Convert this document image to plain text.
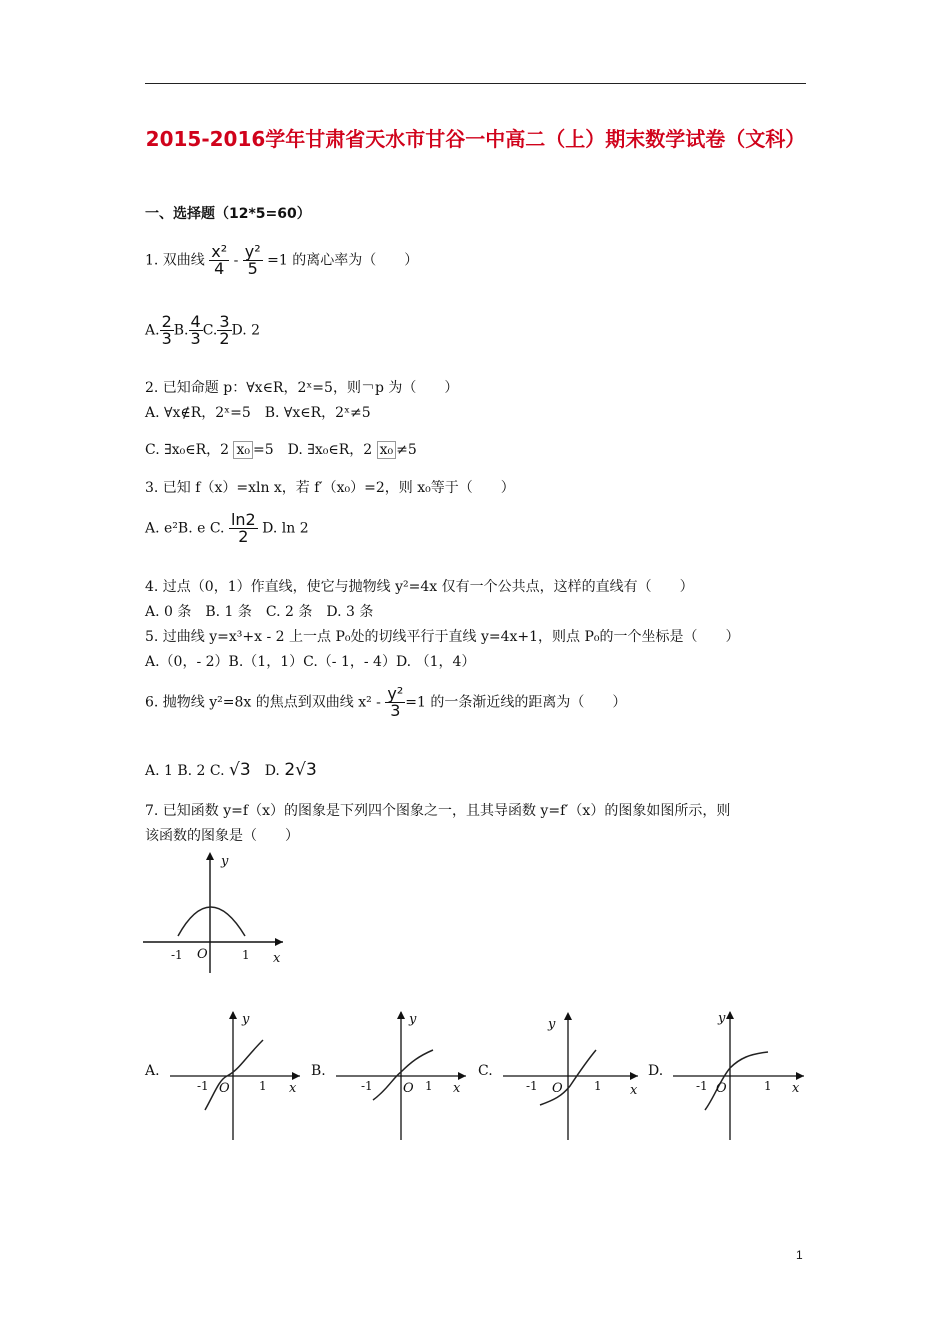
2015-2016学年甘肃省天水市甘谷一中高二（上）期末数学试卷（文科）
一、选择题（12*5=60）
1. 双曲线 $\frac{\text{x²}}{4} - \frac{\text{y²}}{5} =1$ 的离心率为（　　）
A. $\frac{2}{3} B$. $\frac{4}{3} C$. $\frac{3}{2} D$. 2
2. 已知命题 p：∀x∈R，2ˣ=5，则￢p 为（　　）
A. ∀x∉R，2ˣ=5　B. ∀x∈R，2ˣ≠5
C. ∃x₀∈R，2 x₀ =5　D. ∃x₀∈R，2 x₀ ≠5
3. 已知 f（x）=xln x，若 f′（x₀）=2，则 x₀等于（　　）
A. e²B. e C. $\frac{\ln 2}{2} D$. ln 2
4. 过点（0，1）作直线，使它与抛物线 y²=4x 仅有一个公共点，这样的直线有（　　）
A. 0 条　B. 1 条　C. 2 条　D. 3 条
5. 过曲线 y=x³+x - 2 上一点 P₀处的切线平行于直线 y=4x+1，则点 P₀的一个坐标是（　　）
A.（0，- 2）B.（1，1）C.（- 1，- 4）D. （1，4）
6. 抛物线 y²=8x 的焦点到双曲线 $x^2 - \frac{\text{y²}}{3} =1$ 的一条渐近线的距离为（　　）
A. 1 B. 2 C. √3　 D. 2√3
7. 已知函数 y=f（x）的图象是下列四个图象之一，且其导函数 y=f′（x）的图象如图所示，则
该函数的图象是（　　）
y
x
O
-1	1
A.
y
x
O
-1	1
B.
y
x
O
-1	1
C.
y
x
O
-1	1
D.
y
x
O
-1	1
1
